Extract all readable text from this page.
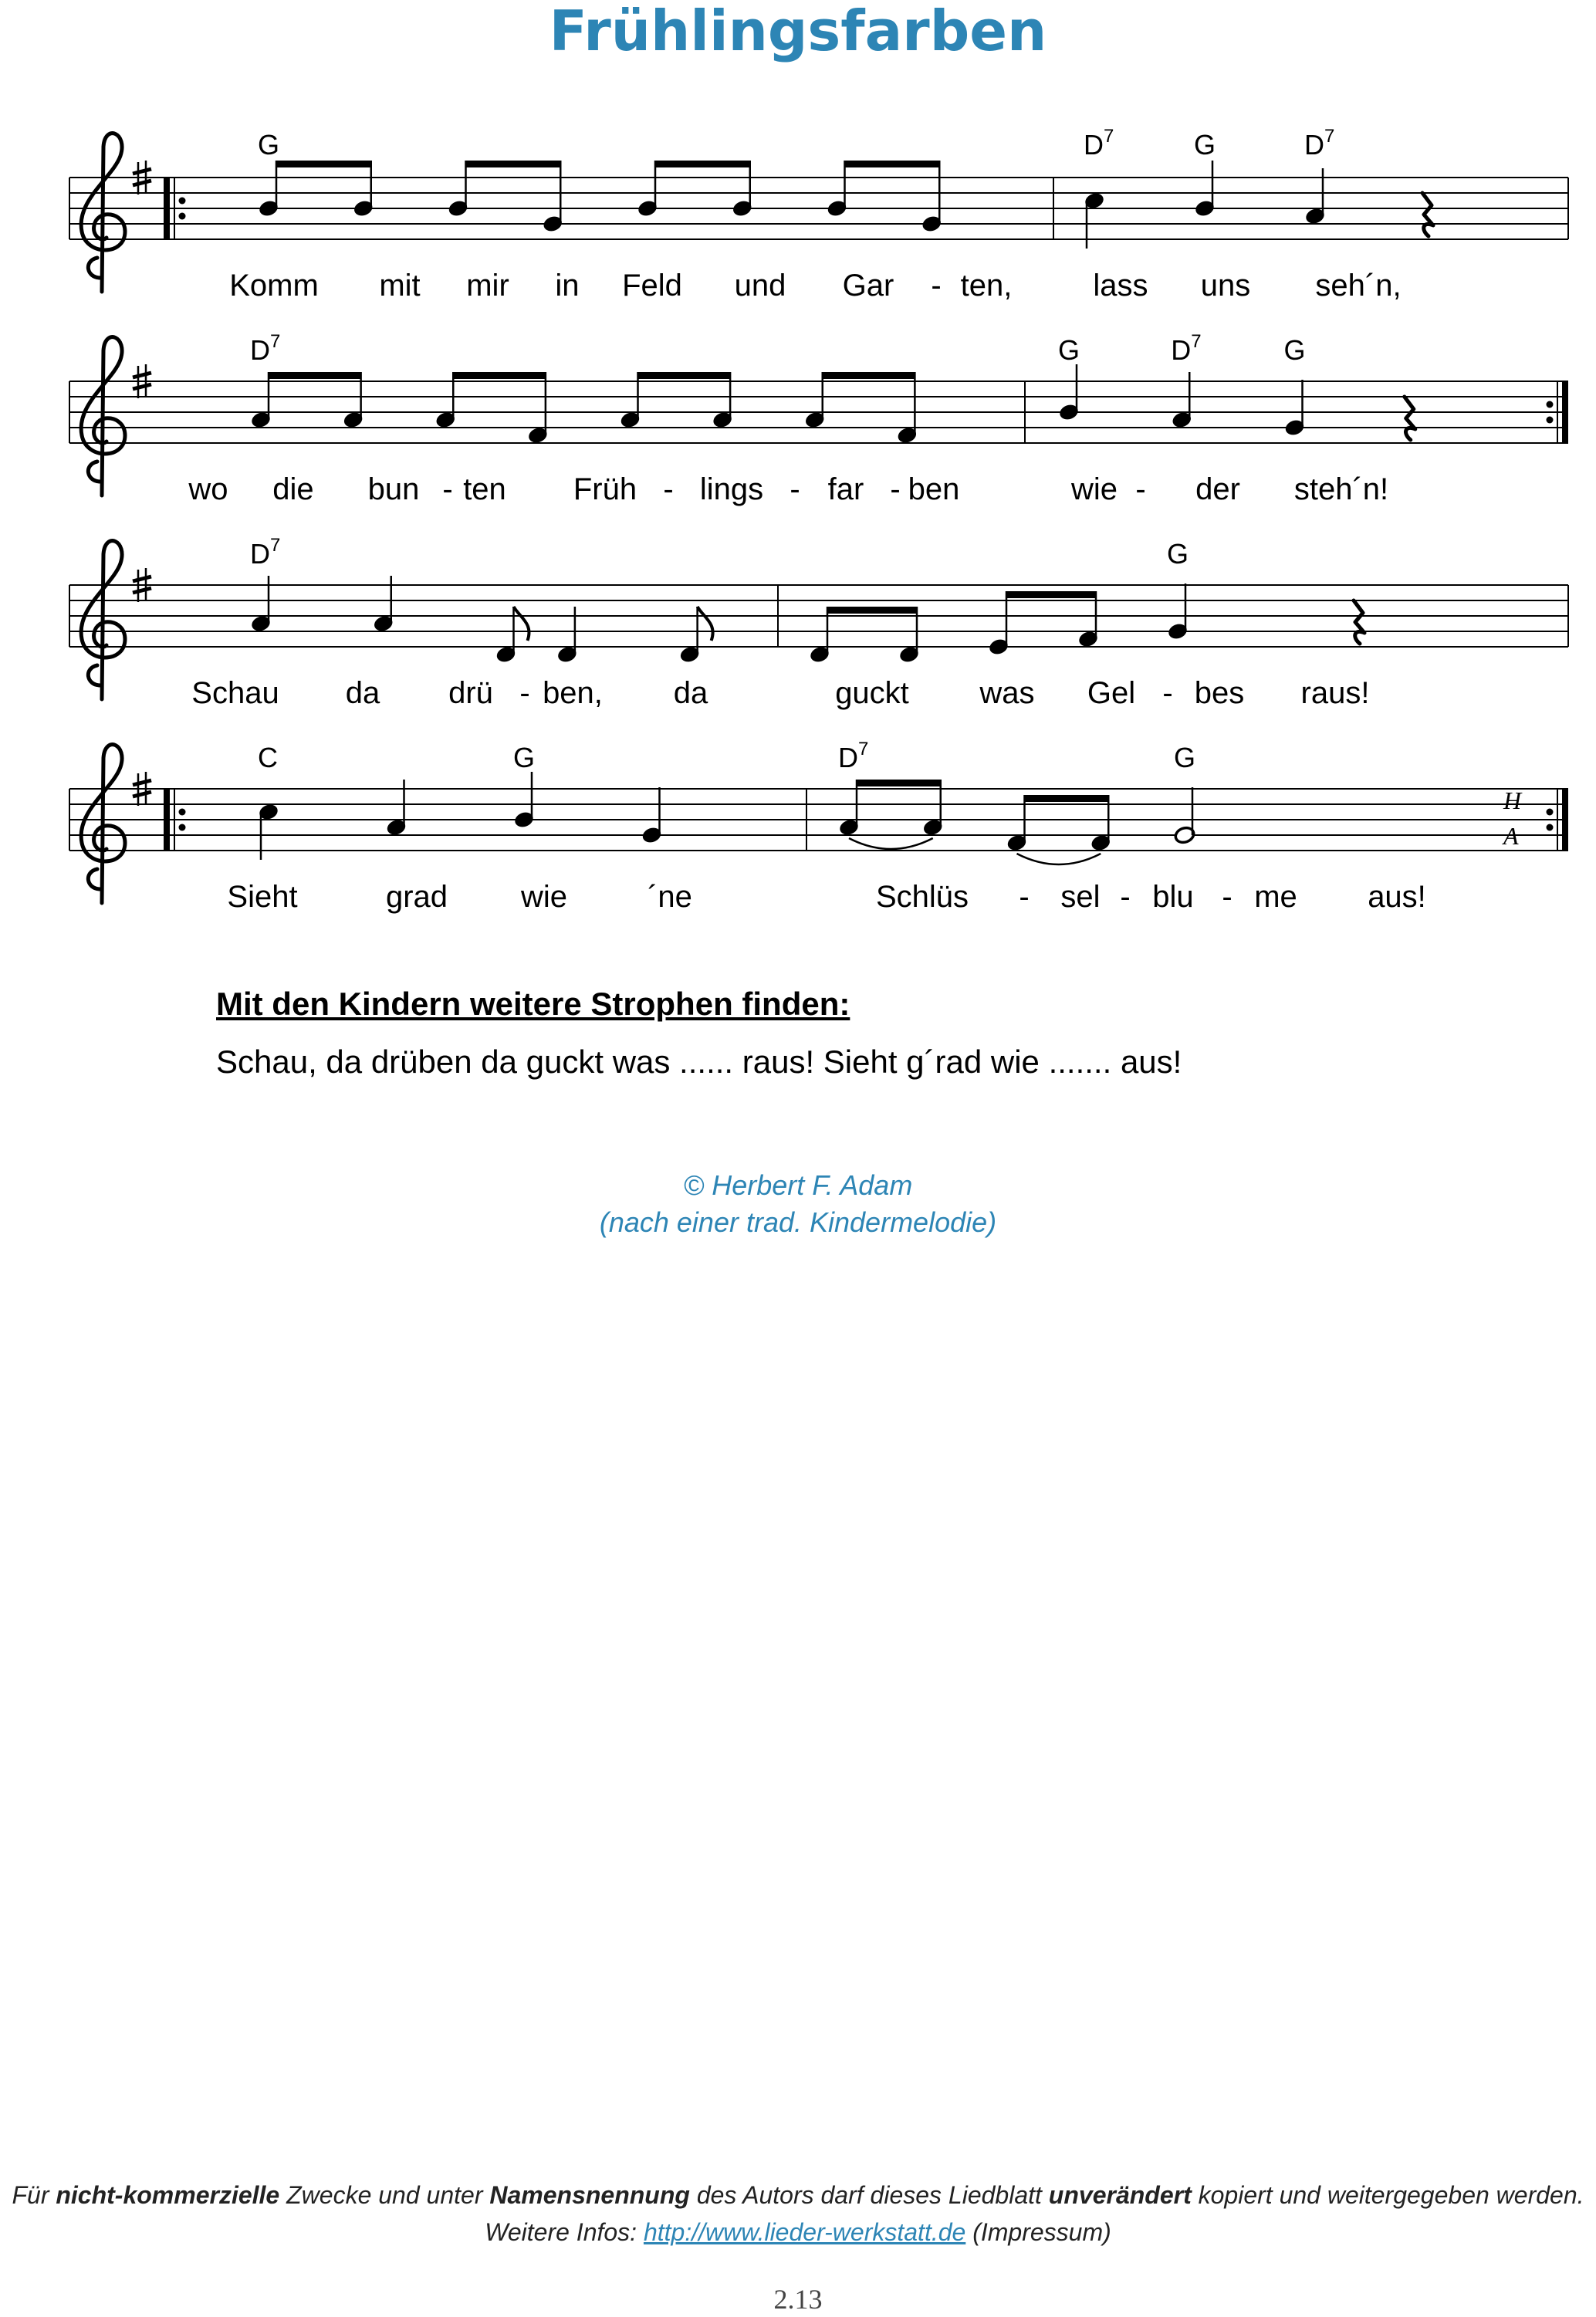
Frühlingsfarben
G	$D^7$	G	$D^7$
Komm mit mir in Feld und Gar - ten,	lass uns seh´n,
$D^7$	G	$D^7$	G
wo die bun - ten Früh - lings - far - ben	wie - der steh´n!
$D^7$	G
Schau da drü - ben, da	guckt was Gel - bes raus!
C	G	$D^7$	G
H
A
Sieht	grad wie	´ne	Schlüs - sel - blu - me aus!
Mit den Kindern weitere Strophen finden:
Schau, da drüben da guckt was ...... raus! Sieht g´rad wie ....... aus!
© Herbert F. Adam
(nach einer trad. Kindermelodie)
Für nicht-kommerzielle Zwecke und unter Namensnennung des Autors darf dieses Liedblatt unverändert kopiert und weitergegeben werden.
Weitere Infos: http://www.lieder-werkstatt.de (Impressum)
2.13
